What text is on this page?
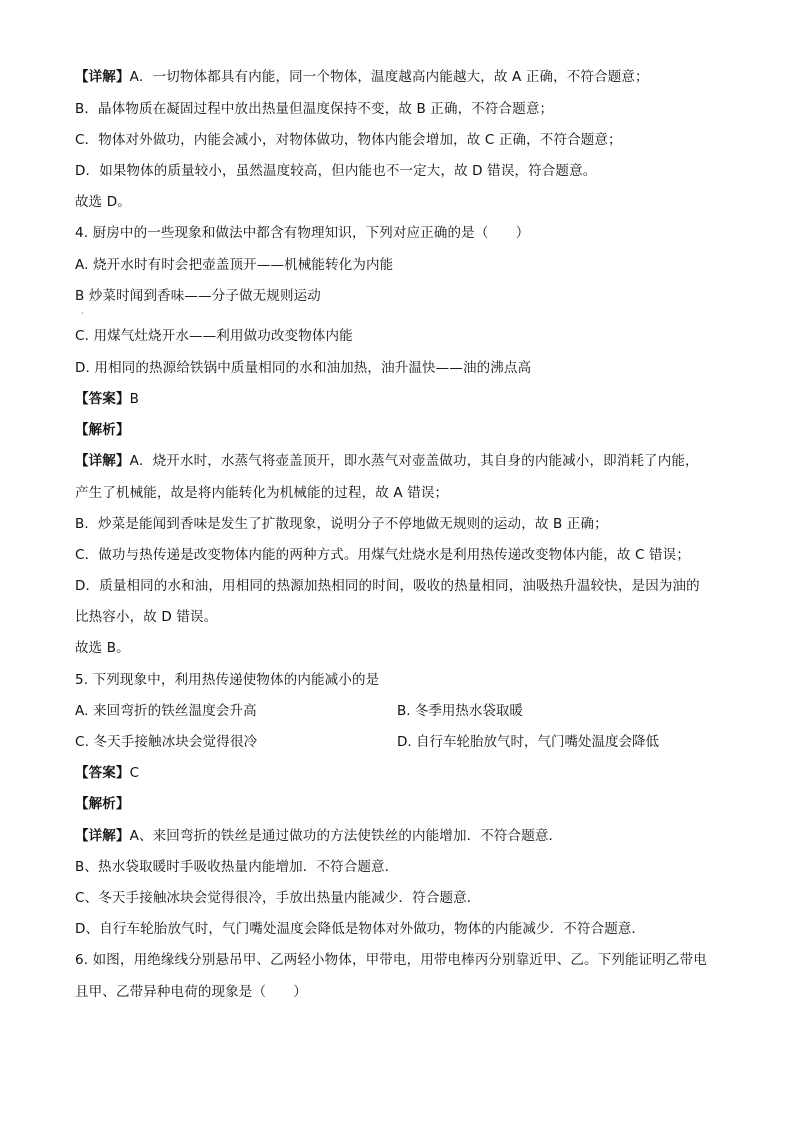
【详解】A．一切物体都具有内能，同一个物体，温度越高内能越大，故 A 正确，不符合题意；
B．晶体物质在凝固过程中放出热量但温度保持不变，故 B 正确，不符合题意；
C．物体对外做功，内能会减小，对物体做功，物体内能会增加，故 C 正确，不符合题意；
D．如果物体的质量较小，虽然温度较高，但内能也不一定大，故 D 错误，符合题意。
故选 D。
4. 厨房中的一些现象和做法中都含有物理知识，下列对应正确的是（　　）
A. 烧开水时有时会把壶盖顶开——机械能转化为内能
B 炒菜时闻到香味——分子做无规则运动
·
C. 用煤气灶烧开水——利用做功改变物体内能
D. 用相同的热源给铁锅中质量相同的水和油加热，油升温快——油的沸点高
【答案】B
【解析】
【详解】A．烧开水时，水蒸气将壶盖顶开，即水蒸气对壶盖做功，其自身的内能减小，即消耗了内能，
产生了机械能，故是将内能转化为机械能的过程，故 A 错误；
B．炒菜是能闻到香味是发生了扩散现象，说明分子不停地做无规则的运动，故 B 正确；
C．做功与热传递是改变物体内能的两种方式。用煤气灶烧水是利用热传递改变物体内能，故 C 错误；
D．质量相同的水和油，用相同的热源加热相同的时间，吸收的热量相同，油吸热升温较快，是因为油的
比热容小，故 D 错误。
故选 B。
5. 下列现象中，利用热传递使物体的内能减小的是
A. 来回弯折的铁丝温度会升高	B. 冬季用热水袋取暖
C. 冬天手接触冰块会觉得很冷	D. 自行车轮胎放气时，气门嘴处温度会降低
【答案】C
【解析】
【详解】A、来回弯折的铁丝是通过做功的方法使铁丝的内能增加．不符合题意．
B、热水袋取暖时手吸收热量内能增加．不符合题意．
C、冬天手接触冰块会觉得很冷，手放出热量内能减少．符合题意．
D、自行车轮胎放气时，气门嘴处温度会降低是物体对外做功，物体的内能减少．不符合题意．
6. 如图，用绝缘线分别悬吊甲、乙两轻小物体，甲带电，用带电棒丙分别靠近甲、乙。下列能证明乙带电
且甲、乙带异种电荷的现象是（　　）
